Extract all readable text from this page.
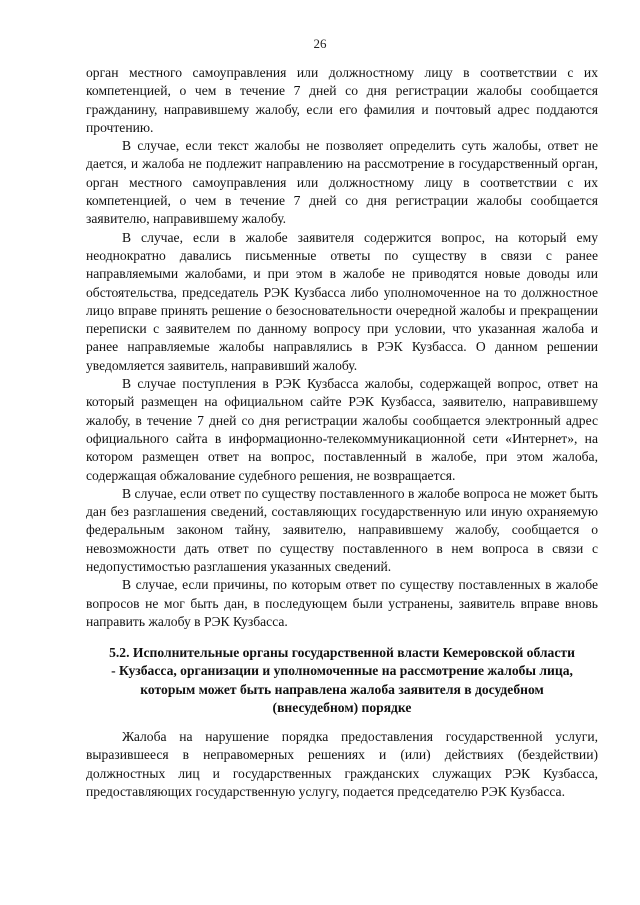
26

орган местного самоуправления или должностному лицу в соответствии с их компетенцией, о чем в течение 7 дней со дня регистрации жалобы сообщается гражданину, направившему жалобу, если его фамилия и почтовый адрес поддаются прочтению.

В случае, если текст жалобы не позволяет определить суть жалобы, ответ не дается, и жалоба не подлежит направлению на рассмотрение в государственный орган, орган местного самоуправления или должностному лицу в соответствии с их компетенцией, о чем в течение 7 дней со дня регистрации жалобы сообщается заявителю, направившему жалобу.

В случае, если в жалобе заявителя содержится вопрос, на который ему неоднократно давались письменные ответы по существу в связи с ранее направляемыми жалобами, и при этом в жалобе не приводятся новые доводы или обстоятельства, председатель РЭК Кузбасса либо уполномоченное на то должностное лицо вправе принять решение о безосновательности очередной жалобы и прекращении переписки с заявителем по данному вопросу при условии, что указанная жалоба и ранее направляемые жалобы направлялись в РЭК Кузбасса. О данном решении уведомляется заявитель, направивший жалобу.

В случае поступления в РЭК Кузбасса жалобы, содержащей вопрос, ответ на который размещен на официальном сайте РЭК Кузбасса, заявителю, направившему жалобу, в течение 7 дней со дня регистрации жалобы сообщается электронный адрес официального сайта в информационно-телекоммуникационной сети «Интернет», на котором размещен ответ на вопрос, поставленный в жалобе, при этом жалоба, содержащая обжалование судебного решения, не возвращается.

В случае, если ответ по существу поставленного в жалобе вопроса не может быть дан без разглашения сведений, составляющих государственную или иную охраняемую федеральным законом тайну, заявителю, направившему жалобу, сообщается о невозможности дать ответ по существу поставленного в нем вопроса в связи с недопустимостью разглашения указанных сведений.

В случае, если причины, по которым ответ по существу поставленных в жалобе вопросов не мог быть дан, в последующем были устранены, заявитель вправе вновь направить жалобу в РЭК Кузбасса.

5.2. Исполнительные органы государственной власти Кемеровской области - Кузбасса, организации и уполномоченные на рассмотрение жалобы лица, которым может быть направлена жалоба заявителя в досудебном (внесудебном) порядке

Жалоба на нарушение порядка предоставления государственной услуги, выразившееся в неправомерных решениях и (или) действиях (бездействии) должностных лиц и государственных гражданских служащих РЭК Кузбасса, предоставляющих государственную услугу, подается председателю РЭК Кузбасса.
